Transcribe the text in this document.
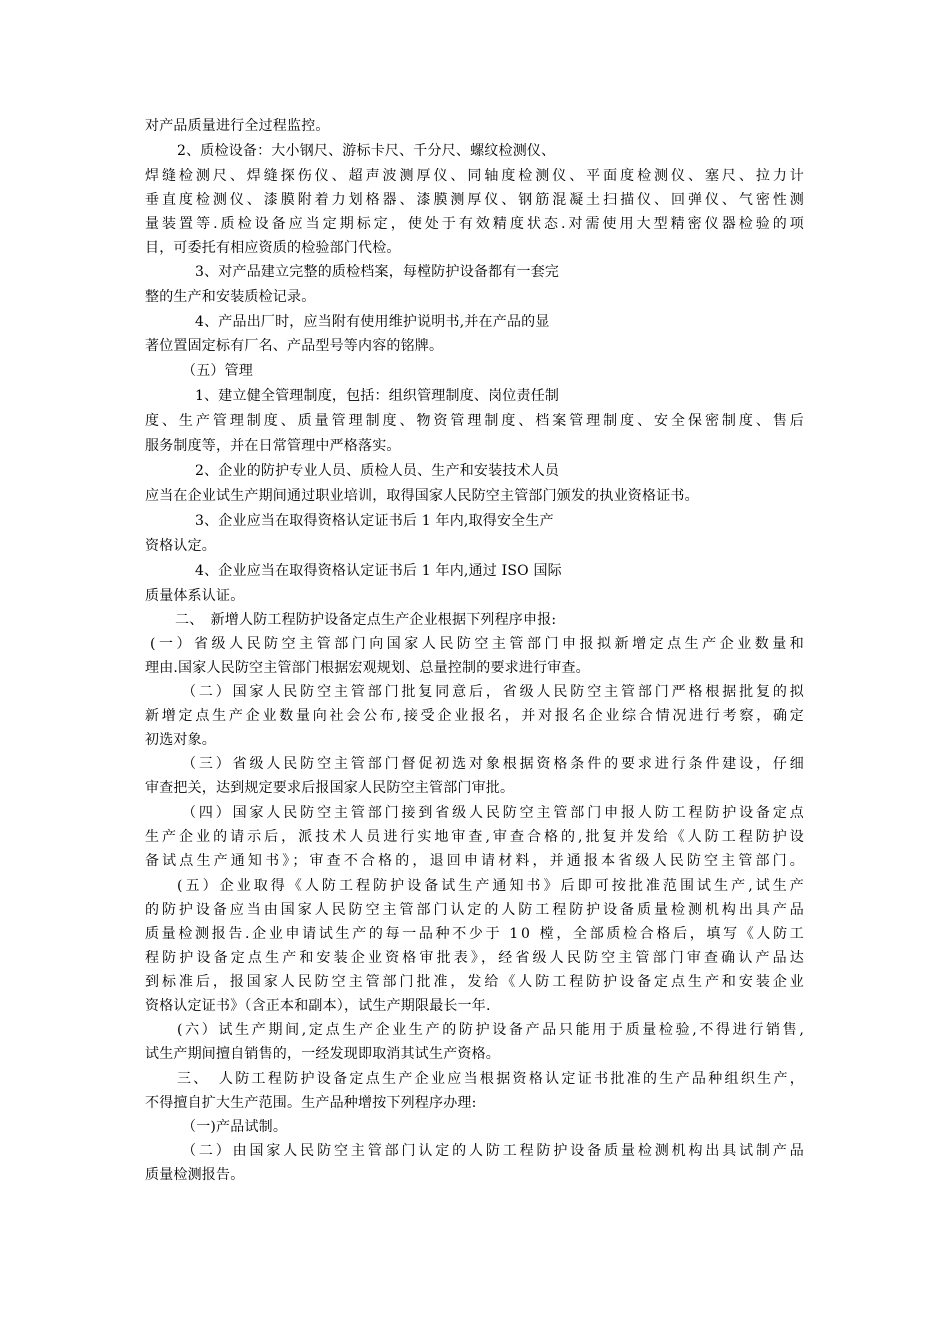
对产品质量进行全过程监控。
2、质检设备：大小钢尺、游标卡尺、千分尺、螺纹检测仪、
焊缝检测尺、焊缝探伤仪、超声波测厚仪、同轴度检测仪、平面度检测仪、塞尺、拉力计
垂直度检测仪、漆膜附着力划格器、漆膜测厚仪、钢筋混凝土扫描仪、回弹仪、气密性测
量装置等.质检设备应当定期标定，使处于有效精度状态.对需使用大型精密仪器检验的项
目，可委托有相应资质的检验部门代检。
3、对产品建立完整的质检档案，每樘防护设备都有一套完
整的生产和安装质检记录。
4、产品出厂时，应当附有使用维护说明书,并在产品的显
著位置固定标有厂名、产品型号等内容的铭牌。
（五）管理
1、建立健全管理制度，包括：组织管理制度、岗位责任制
度、生产管理制度、质量管理制度、物资管理制度、档案管理制度、安全保密制度、售后
服务制度等，并在日常管理中严格落实。
2、企业的防护专业人员、质检人员、生产和安装技术人员
应当在企业试生产期间通过职业培训，取得国家人民防空主管部门颁发的执业资格证书。
3、企业应当在取得资格认定证书后 1 年内,取得安全生产
资格认定。
4、企业应当在取得资格认定证书后 1 年内,通过 ISO 国际
质量体系认证。
二、　新增人防工程防护设备定点生产企业根据下列程序申报:
(一）省级人民防空主管部门向国家人民防空主管部门申报拟新增定点生产企业数量和
理由.国家人民防空主管部门根据宏观规划、总量控制的要求进行审查。
（二）国家人民防空主管部门批复同意后，省级人民防空主管部门严格根据批复的拟
新增定点生产企业数量向社会公布,接受企业报名，并对报名企业综合情况进行考察，确定
初选对象。
（三）省级人民防空主管部门督促初选对象根据资格条件的要求进行条件建设，仔细
审查把关，达到规定要求后报国家人民防空主管部门审批。
（四）国家人民防空主管部门接到省级人民防空主管部门申报人防工程防护设备定点
生产企业的请示后，派技术人员进行实地审查,审查合格的,批复并发给《人防工程防护设
备试点生产通知书》；审查不合格的，退回申请材料，并通报本省级人民防空主管部门。
(五）企业取得《人防工程防护设备试生产通知书》后即可按批准范围试生产,试生产
的防护设备应当由国家人民防空主管部门认定的人防工程防护设备质量检测机构出具产品
质量检测报告.企业申请试生产的每一品种不少于 10 樘，全部质检合格后，填写《人防工
程防护设备定点生产和安装企业资格审批表》，经省级人民防空主管部门审查确认产品达
到标准后，报国家人民防空主管部门批准，发给《人防工程防护设备定点生产和安装企业
资格认定证书》（含正本和副本），试生产期限最长一年.
(六）试生产期间,定点生产企业生产的防护设备产品只能用于质量检验,不得进行销售,
试生产期间擅自销售的，一经发现即取消其试生产资格。
三、　人防工程防护设备定点生产企业应当根据资格认定证书批准的生产品种组织生产，
不得擅自扩大生产范围。生产品种增按下列程序办理:
（一)产品试制。
（二）由国家人民防空主管部门认定的人防工程防护设备质量检测机构出具试制产品
质量检测报告。
